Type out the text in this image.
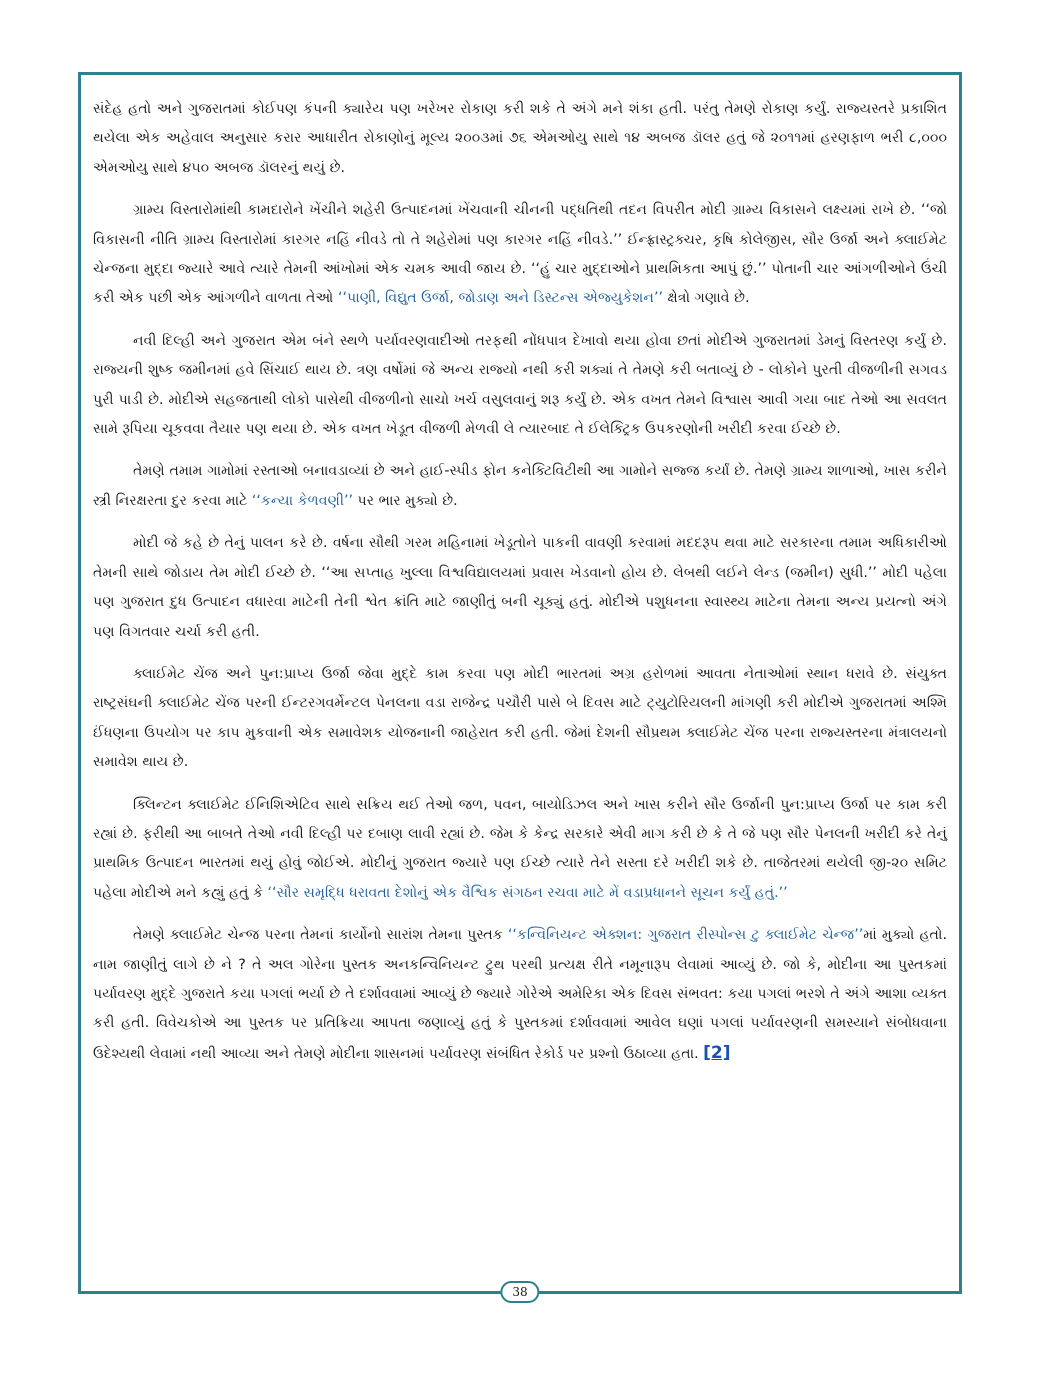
સંદેહ હતો અને ગુજરાતમાં કોઈપણ કંપની ક્યારેય પણ ખરેખર રોકાણ કરી શકે તે અંગે મને શંકા હતી. પરંતુ તેમણે રોકાણ કર્યું. રાજ્યસ્તરે પ્રકાશિત થયેલા એક અહેવાલ અનુસાર કરાર આધારીત રોકાણોનું મૂલ્ય ૨૦૦૩માં ૭૬ એમઓયુ સાથે ૧૪ અબજ ડૉલર હતું જે ૨૦૧૧માં હરણફાળ ભરી ૮,૦૦૦ એમઓયુ સાથે ૪૫૦ અબજ ડૉલરનું થયું છે.

ગ્રામ્ય વિસ્તારોમાંથી કામદારોને ખેંચીને શહેરી ઉત્પાદનમાં ખેંચવાની ચીનની પદ્ધતિથી તદન વિપરીત મોદી ગ્રામ્ય વિકાસને લક્ષ્યમાં રાખે છે. ‘‘જો વિકાસની નીતિ ગ્રામ્ય વિસ્તારોમાં કારગર નહિં નીવડે તો તે શહેરોમાં પણ કારગર નહિં નીવડે.’’ ઈન્ફ્રાસ્ટ્રક્ચર, કૃષિ કોલેજીસ, સૌર ઉર્જા અને ક્લાઈમેટ ચેન્જના મુદ્દા જ્યારે આવે ત્યારે તેમની આંખોમાં એક ચમક આવી જાય છે. ‘‘હું ચાર મુદ્દાઓને પ્રાથમિકતા આપું છું.’’ પોતાની ચાર આંગળીઓને ઉંચી કરી એક પછી એક આંગળીને વાળતા તેઓ ‘‘પાણી, વિદ્યુત ઉર્જા, જોડાણ અને ડિસ્ટન્સ એજ્યુકેશન’’ ક્ષેત્રો ગણાવે છે.

નવી દિલ્હી અને ગુજરાત એમ બંને સ્થળે પર્યાવરણવાદીઓ તરફથી નોંધપાત્ર દેખાવો થયા હોવા છતાં મોદીએ ગુજરાતમાં ડેમનું વિસ્તરણ કર્યું છે. રાજ્યની શુષ્ક જમીનમાં હવે સિંચાઈ થાય છે. ત્રણ વર્ષોમાં જે અન્ય રાજ્યો નથી કરી શક્યાં તે તેમણે કરી બતાવ્યું છે - લોકોને પુરતી વીજળીની સગવડ પુરી પાડી છે. મોદીએ સહજતાથી લોકો પાસેથી વીજળીનો સાચો ખર્ચ વસુલવાનું શરૂ કર્યું છે. એક વખત તેમને વિશ્વાસ આવી ગયા બાદ તેઓ આ સવલત સામે રૂપિયા ચૂકવવા તૈયાર પણ થયા છે. એક વખત ખેડૂત વીજળી મેળવી લે ત્યારબાદ તે ઈલેક્ટ્રિક ઉપકરણોની ખરીદી કરવા ઈચ્છે છે.

તેમણે તમામ ગામોમાં રસ્તાઓ બનાવડાવ્યાં છે અને હાઈ-સ્પીડ ફોન કનેક્ટિવિટીથી આ ગામોને સજ્જ કર્યાં છે. તેમણે ગ્રામ્ય શાળાઓ, ખાસ કરીને સ્ત્રી નિરક્ષરતા દુર કરવા માટે ‘‘કન્યા કેળવણી’’ પર ભાર મુક્યો છે.

મોદી જે કહે છે તેનું પાલન કરે છે. વર્ષના સૌથી ગરમ મહિનામાં ખેડૂતોને પાકની વાવણી કરવામાં મદદરૂપ થવા માટે સરકારના તમામ અધિકારીઓ તેમની સાથે જોડાય તેમ મોદી ઈચ્છે છે. ‘‘આ સપ્તાહ ખુલ્લા વિશ્વવિદ્યાલયમાં પ્રવાસ ખેડવાનો હોય છે. લેબથી લઈને લેન્ડ (જમીન) સુધી.’’ મોદી પહેલા પણ ગુજરાત દુધ ઉત્પાદન વધારવા માટેની તેની શ્વેત ક્રાંતિ માટે જાણીતું બની ચૂક્યું હતું. મોદીએ પશુધનના સ્વાસ્થ્ય માટેના તેમના અન્ય પ્રયત્નો અંગે પણ વિગતવાર ચર્ચા કરી હતી.

ક્લાઈમેટ ચેંજ અને પુન:પ્રાપ્ય ઉર્જા જેવા મુદ્દે કામ કરવા પણ મોદી ભારતમાં અગ્ર હરોળમાં આવતા નેતાઓમાં સ્થાન ધરાવે છે. સંયુક્ત રાષ્ટ્રસંઘની ક્લાઈમેટ ચેંજ પરની ઈન્ટરગવર્મેન્ટલ પેનલના વડા રાજેન્દ્ર પચૌરી પાસે બે દિવસ માટે ટ્યુટોરિયલની માંગણી કરી મોદીએ ગુજરાતમાં અશ્મિ ઈંધણના ઉપયોગ પર કાપ મુકવાની એક સમાવેશક યોજનાની જાહેરાત કરી હતી. જેમાં દેશની સૌપ્રથમ ક્લાઈમેટ ચેંજ પરના રાજ્યસ્તરના મંત્રાલયનો સમાવેશ થાય છે.

ક્લિન્ટન ક્લાઈમેટ ઈનિશિએટિવ સાથે સક્રિય થઈ તેઓ જળ, પવન, બાયોડિઝલ અને ખાસ કરીને સૌર ઉર્જાની પુન:પ્રાપ્ય ઉર્જા પર કામ કરી રહ્યાં છે. ફરીથી આ બાબતે તેઓ નવી દિલ્હી પર દબાણ લાવી રહ્યાં છે. જેમ કે કેન્દ્ર સરકારે એવી માગ કરી છે કે તે જે પણ સૌર પેનલની ખરીદી કરે તેનું પ્રાથમિક ઉત્પાદન ભારતમાં થયું હોવું જોઈએ. મોદીનું ગુજરાત જ્યારે પણ ઈચ્છે ત્યારે તેને સસ્તા દરે ખરીદી શકે છે. તાજેતરમાં થયેલી જી-૨૦ સમિટ પહેલા મોદીએ મને કહ્યું હતું કે ‘‘સૌર સમૃદ્ધિ ધરાવતા દેશોનું એક વૈશ્વિક સંગઠન રચવા માટે મેં વડાપ્રધાનને સૂચન કર્યું હતું.’’

તેમણે ક્લાઈમેટ ચેન્જ પરના તેમનાં કાર્યોનો સારાંશ તેમના પુસ્તક ‘‘કન્વિનિયન્ટ એક્શન: ગુજરાત રીસ્પોન્સ ટુ ક્લાઈમેટ ચેન્જ’’માં મુક્યો હતો. નામ જાણીતું લાગે છે ને ? તે અલ ગોરેના પુસ્તક અનકન્વિનિયન્ટ ટ્રુથ પરથી પ્રત્યક્ષ રીતે નમૂનારૂપ લેવામાં આવ્યું છે. જો કે, મોદીના આ પુસ્તકમાં પર્યાવરણ મુદ્દે ગુજરાતે કયા પગલાં ભર્યા છે તે દર્શાવવામાં આવ્યું છે જ્યારે ગોરેએ અમેરિકા એક દિવસ સંભવત: કયા પગલાં ભરશે તે અંગે આશા વ્યક્ત કરી હતી. વિવેચકોએ આ પુસ્તક પર પ્રતિક્રિયા આપતા જણાવ્યું હતું કે પુસ્તકમાં દર્શાવવામાં આવેલ ઘણાં પગલાં પર્યાવરણની સમસ્યાને સંબોધવાના ઉદેશ્યથી લેવામાં નથી આવ્યા અને તેમણે મોદીના શાસનમાં પર્યાવરણ સંબંધિત રેકોર્ડ પર પ્રશ્નો ઉઠાવ્યા હતા. [2]

38
